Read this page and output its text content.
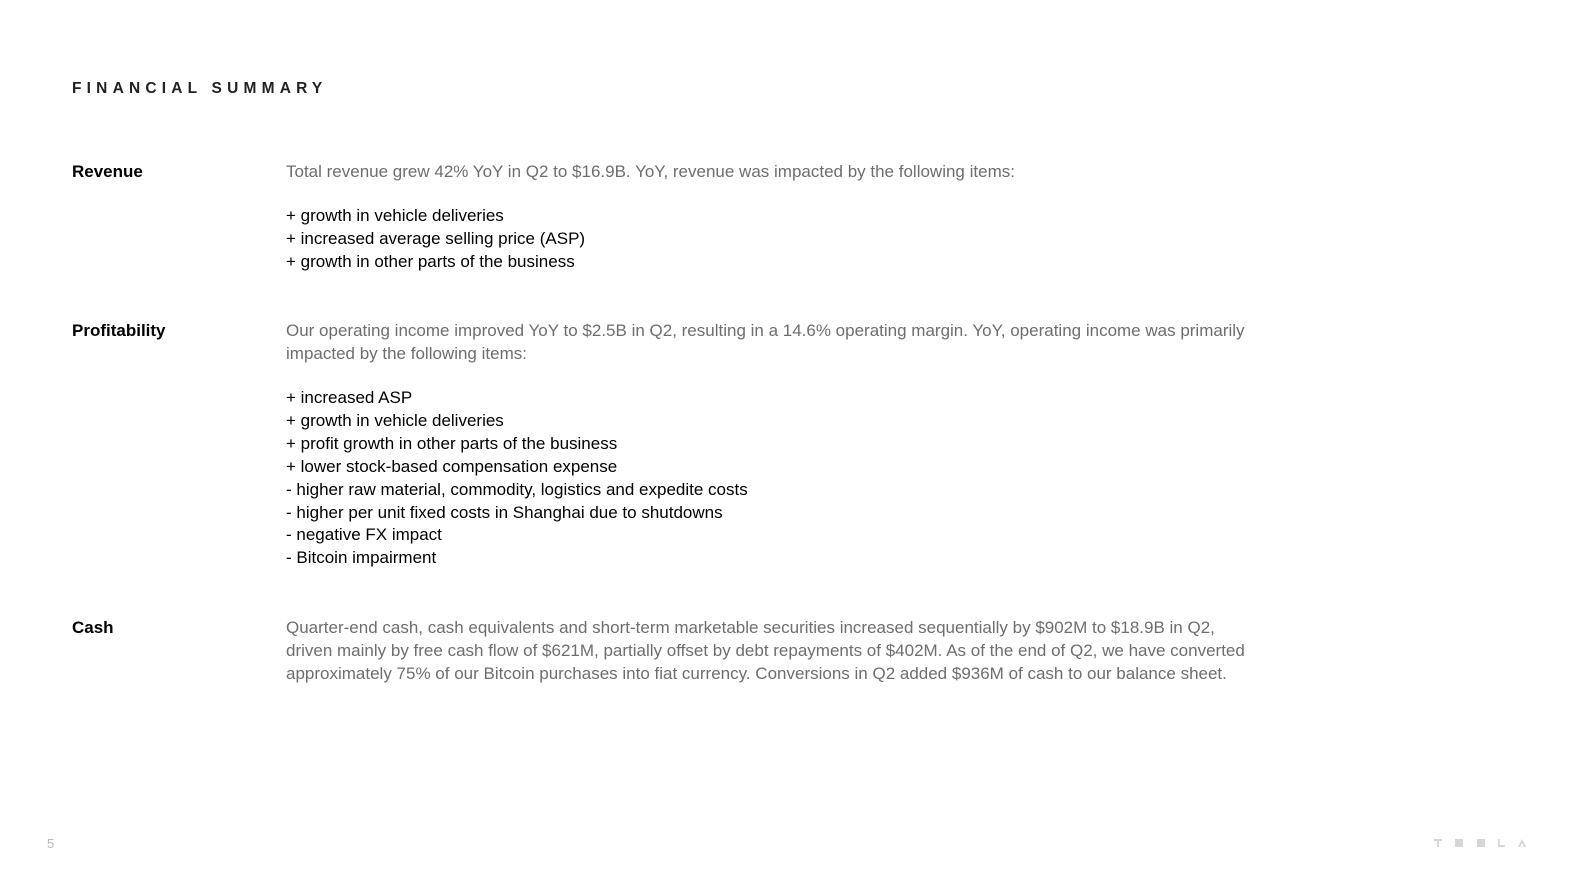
FINANCIAL SUMMARY
Revenue	Total revenue grew 42% YoY in Q2 to $16.9B. YoY, revenue was impacted by the following items:

+ growth in vehicle deliveries
+ increased average selling price (ASP)
+ growth in other parts of the business
Profitability	Our operating income improved YoY to $2.5B in Q2, resulting in a 14.6% operating margin. YoY, operating income was primarily impacted by the following items:

+ increased ASP
+ growth in vehicle deliveries
+ profit growth in other parts of the business
+ lower stock-based compensation expense
- higher raw material, commodity, logistics and expedite costs
- higher per unit fixed costs in Shanghai due to shutdowns
- negative FX impact
- Bitcoin impairment
Cash	Quarter-end cash, cash equivalents and short-term marketable securities increased sequentially by $902M to $18.9B in Q2, driven mainly by free cash flow of $621M, partially offset by debt repayments of $402M. As of the end of Q2, we have converted approximately 75% of our Bitcoin purchases into fiat currency. Conversions in Q2 added $936M of cash to our balance sheet.

5
